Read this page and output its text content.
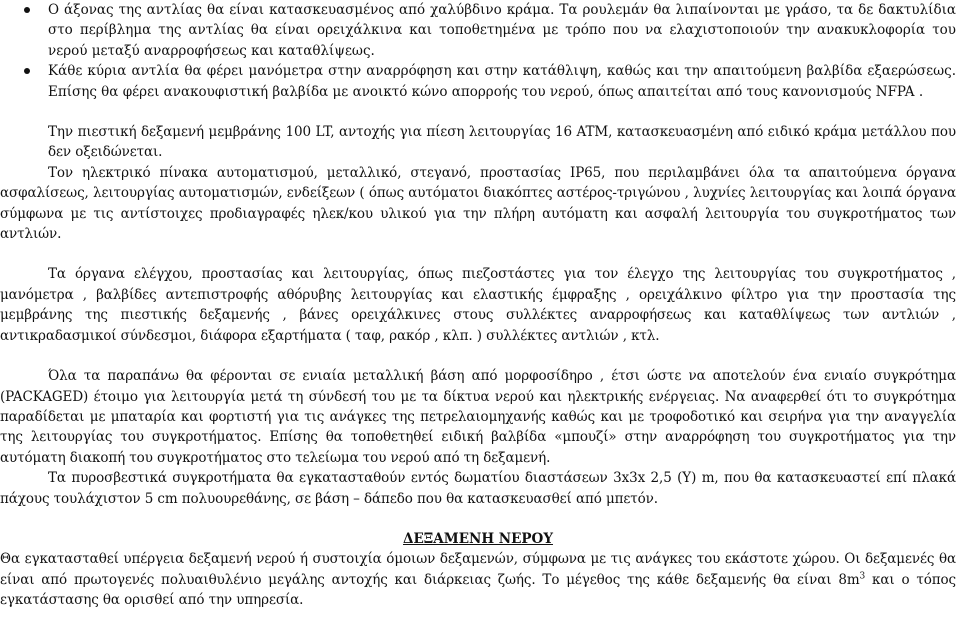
Ο άξονας της αντλίας θα είναι κατασκευασμένος από χαλύβδινο κράμα. Τα ρουλεμάν θα λιπαίνονται με γράσο, τα δε δακτυλίδια στο περίβλημα της αντλίας θα είναι ορειχάλκινα και τοποθετημένα με τρόπο που να ελαχιστοποιούν την ανακυκλοφορία του νερού μεταξύ αναρροφήσεως και καταθλίψεως.
Κάθε κύρια αντλία θα φέρει μανόμετρα στην αναρρόφηση και στην κατάθλιψη, καθώς και την απαιτούμενη βαλβίδα εξαερώσεως. Επίσης θα φέρει ανακουφιστική βαλβίδα με ανοικτό κώνο απορροής του νερού, όπως απαιτείται από τους κανονισμούς NFPA .

Την πιεστική δεξαμενή μεμβράνης 100 LT, αντοχής για πίεση λειτουργίας 16 ATM, κατασκευασμένη από ειδικό κράμα μετάλλου που δεν οξειδώνεται.

Τον ηλεκτρικό πίνακα αυτοματισμού, μεταλλικό, στεγανό, προστασίας IP65, που περιλαμβάνει όλα τα απαιτούμενα όργανα ασφαλίσεως, λειτουργίας αυτοματισμών, ενδείξεων ( όπως αυτόματοι διακόπτες αστέρος-τριγώνου , λυχνίες λειτουργίας και λοιπά όργανα σύμφωνα με τις αντίστοιχες προδιαγραφές ηλεκ/κου υλικού για την πλήρη αυτόματη και ασφαλή λειτουργία του συγκροτήματος των αντλιών.

Τα όργανα ελέγχου, προστασίας και λειτουργίας, όπως πιεζοστάστες για τον έλεγχο της λειτουργίας του συγκροτήματος , μανόμετρα , βαλβίδες αντεπιστροφής αθόρυβης λειτουργίας και ελαστικής έμφραξης , ορειχάλκινο φίλτρο για την προστασία της μεμβράνης της πιεστικής δεξαμενής , βάνες ορειχάλκινες στους συλλέκτες αναρροφήσεως και καταθλίψεως των αντλιών , αντικραδασμικοί σύνδεσμοι, διάφορα εξαρτήματα ( ταφ, ρακόρ , κλπ. ) συλλέκτες αντλιών , κτλ.

Όλα τα παραπάνω θα φέρονται σε ενιαία μεταλλική βάση από μορφοσίδηρο , έτσι ώστε να αποτελούν ένα ενιαίο συγκρότημα (PACKAGED) έτοιμο για λειτουργία μετά τη σύνδεσή του με τα δίκτυα νερού και ηλεκτρικής ενέργειας. Να αναφερθεί ότι το συγκρότημα παραδίδεται με μπαταρία και φορτιστή για τις ανάγκες της πετρελαιομηχανής καθώς και με τροφοδοτικό και σειρήνα για την αναγγελία της λειτουργίας του συγκροτήματος. Επίσης θα τοποθετηθεί ειδική βαλβίδα «μπουζί» στην αναρρόφηση του συγκροτήματος για την αυτόματη διακοπή του συγκροτήματος στο τελείωμα του νερού από τη δεξαμενή.

Τα πυροσβεστικά συγκροτήματα θα εγκατασταθούν εντός δωματίου διαστάσεων 3x3x 2,5 (Y) m, που θα κατασκευαστεί επί πλακά πάχους τουλάχιστον 5 cm πολυουρεθάνης, σε βάση – δάπεδο που θα κατασκευασθεί από μπετόν.

ΔΕΞΑΜΕΝΗ ΝΕΡΟΥ

Θα εγκατασταθεί υπέργεια δεξαμενή νερού ή συστοιχία όμοιων δεξαμενών, σύμφωνα με τις ανάγκες του εκάστοτε χώρου. Οι δεξαμενές θα είναι από πρωτογενές πολυαιθυλένιο μεγάλης αντοχής και διάρκειας ζωής. Το μέγεθος της κάθε δεξαμενής θα είναι $8m^3$ και ο τόπος εγκατάστασης θα ορισθεί από την υπηρεσία.
